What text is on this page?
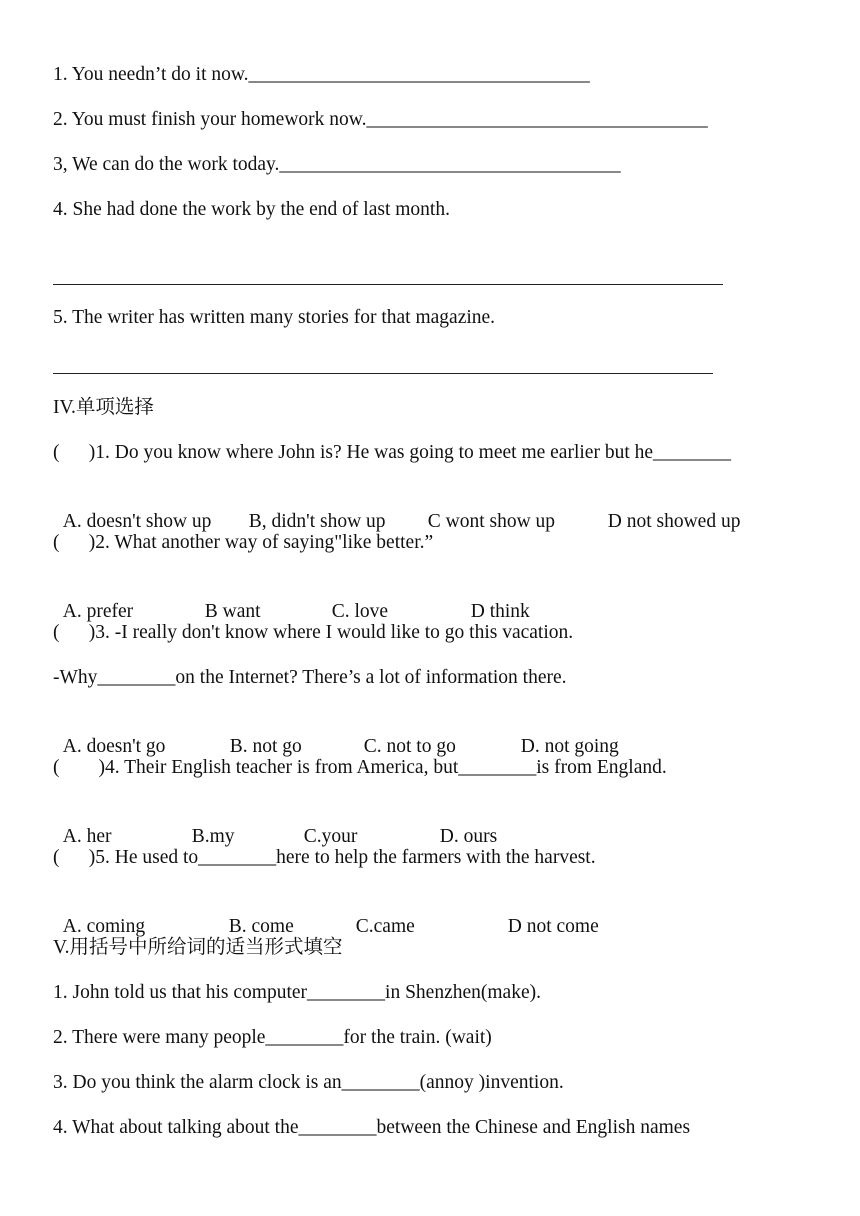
1. You needn’t do it now.___________________________________
2. You must finish your homework now.___________________________________
3, We can do the work today.___________________________________
4. She had done the work by the end of last month.
5. The writer has written many stories for that magazine.
IV.单项选择
(      )1. Do you know where John is? He was going to meet me earlier but he________

A. doesn't show up B, didn't show up C wont show up	D not showed up

(      )2. What another way of saying"like better.”

A. prefer	B want	C. love	D think

(      )3. -I really don't know where I would like to go this vacation.
-Why________on the Internet? There’s a lot of information there.

A. doesn't go	B. not go	C. not to go	D. not going

(        )4. Their English teacher is from America, but________is from England.

A. her	B.my	C.your	D. ours

(      )5. He used to________here to help the farmers with the harvest.

A. coming	B. come	C.came	D not come

V.用括号中所给词的适当形式填空
1. John told us that his computer________in Shenzhen(make).
2. There were many people________for the train. (wait)
3. Do you think the alarm clock is an________(annoy )invention.
4. What about talking about the________between the Chinese and English names
